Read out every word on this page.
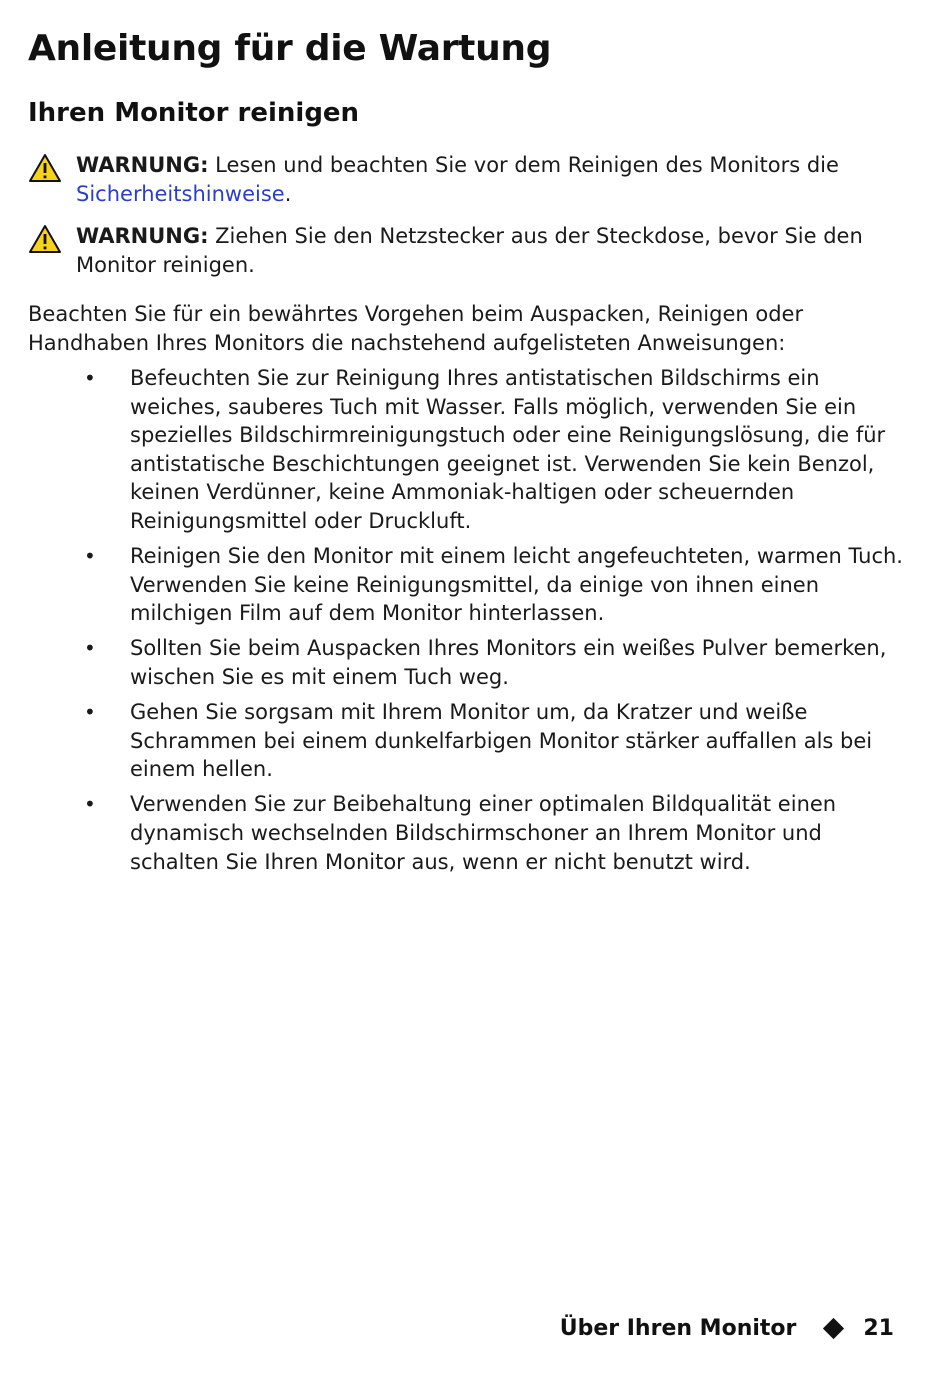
Anleitung für die Wartung
Ihren Monitor reinigen
WARNUNG: Lesen und beachten Sie vor dem Reinigen des Monitors die Sicherheitshinweise.
WARNUNG: Ziehen Sie den Netzstecker aus der Steckdose, bevor Sie den Monitor reinigen.

Beachten Sie für ein bewährtes Vorgehen beim Auspacken, Reinigen oder Handhaben Ihres Monitors die nachstehend aufgelisteten Anweisungen:

• Befeuchten Sie zur Reinigung Ihres antistatischen Bildschirms ein weiches, sauberes Tuch mit Wasser. Falls möglich, verwenden Sie ein spezielles Bildschirmreinigungstuch oder eine Reinigungslösung, die für antistatische Beschichtungen geeignet ist. Verwenden Sie kein Benzol, keinen Verdünner, keine Ammoniak-haltigen oder scheuernden Reinigungsmittel oder Druckluft.
• Reinigen Sie den Monitor mit einem leicht angefeuchteten, warmen Tuch. Verwenden Sie keine Reinigungsmittel, da einige von ihnen einen milchigen Film auf dem Monitor hinterlassen.
• Sollten Sie beim Auspacken Ihres Monitors ein weißes Pulver bemerken, wischen Sie es mit einem Tuch weg.
• Gehen Sie sorgsam mit Ihrem Monitor um, da Kratzer und weiße Schrammen bei einem dunkelfarbigen Monitor stärker auffallen als bei einem hellen.
• Verwenden Sie zur Beibehaltung einer optimalen Bildqualität einen dynamisch wechselnden Bildschirmschoner an Ihrem Monitor und schalten Sie Ihren Monitor aus, wenn er nicht benutzt wird.
Über Ihren Monitor	21
